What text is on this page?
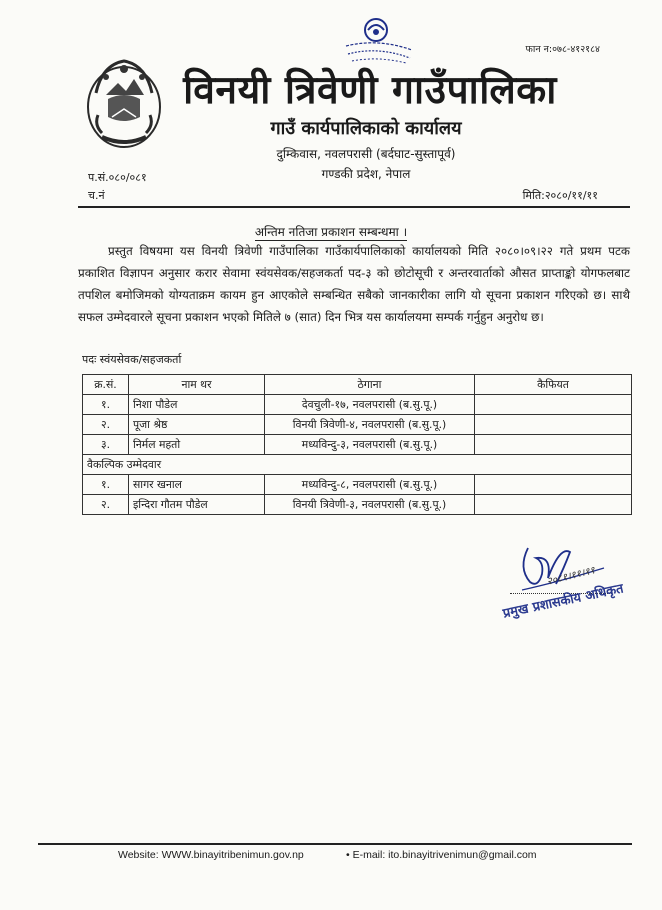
फान न:०७८-४१२१८४
विनयी त्रिवेणी गाउँपालिका
गाउँ कार्यपालिकाको कार्यालय
दुम्किवास, नवलपरासी (बर्दघाट-सुस्तापूर्व)
गण्डकी प्रदेश, नेपाल
प.सं.०८०/०८१
च.नं	मिति:२०८०/११/११
अन्तिम नतिजा प्रकाशन सम्बन्धमा ।
प्रस्तुत विषयमा यस विनयी त्रिवेणी गाउँपालिका गाउँकार्यपालिकाको कार्यालयको मिति २०८०।०९।२२ गते प्रथम पटक प्रकाशित विज्ञापन अनुसार करार सेवामा स्वंयसेवक/सहजकर्ता पद-३ को छोटोसूची र अन्तरवार्ताको औसत प्राप्ताङ्को योगफलबाट तपशिल बमोजिमको योग्यताक्रम कायम हुन आएकोले सम्बन्धित सबैको जानकारीका लागि यो सूचना प्रकाशन गरिएको छ। साथै सफल उम्मेदवारले सूचना प्रकाशन भएको मितिले ७ (सात) दिन भित्र यस कार्यालयमा सम्पर्क गर्नुहुन अनुरोध छ।
पदः स्वंयसेवक/सहजकर्ता
क्र.सं.	नाम थर	ठेगाना	कैफियत
१.	निशा पौडेल	देवचुली-१७, नवलपरासी (ब.सु.पू.)	
२.	पूजा श्रेष्ठ	विनयी त्रिवेणी-४, नवलपरासी (ब.सु.पू.)	
३.	निर्मल महतो	मध्यविन्दु-३, नवलपरासी (ब.सु.पू.)	
वैकल्पिक उम्मेदवार			
१.	सागर खनाल	मध्यविन्दु-८, नवलपरासी (ब.सु.पू.)	
२.	इन्दिरा गौतम पौडेल	विनयी त्रिवेणी-३, नवलपरासी (ब.सु.पू.)	
२०८१।११।११
प्रमुख प्रशासकीय अधिकृत
Website: WWW.binayitribenimun.gov.np	• E-mail: ito.binayitrivenimun@gmail.com
